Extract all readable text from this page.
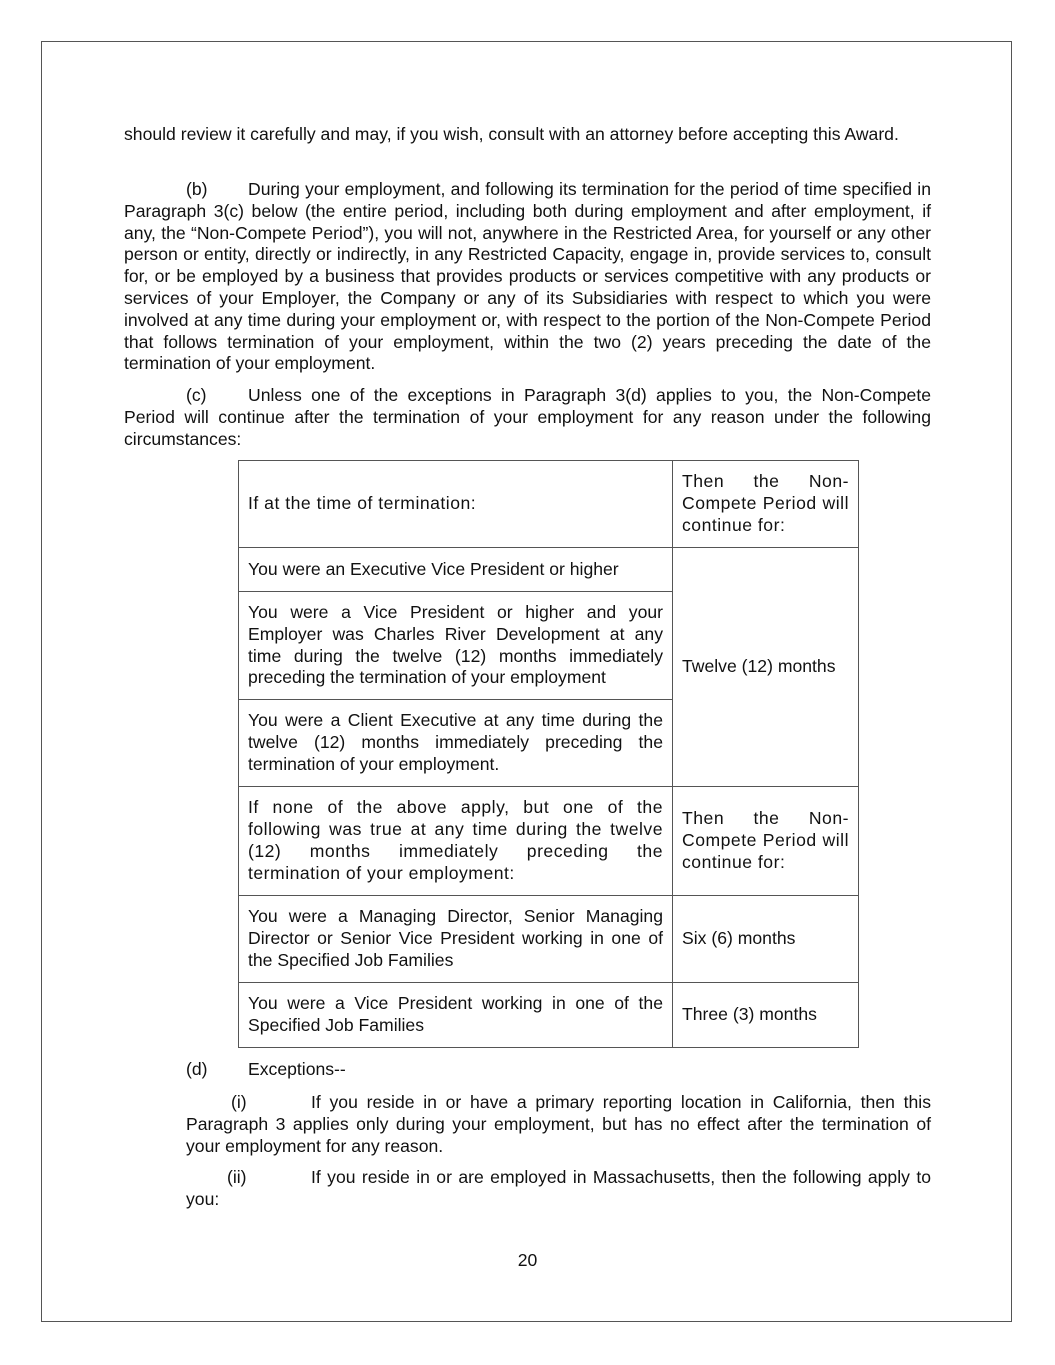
should review it carefully and may, if you wish, consult with an attorney before accepting this Award.

(b) During your employment, and following its termination for the period of time specified in Paragraph 3(c) below (the entire period, including both during employment and after employment, if any, the “Non-Compete Period”), you will not, anywhere in the Restricted Area, for yourself or any other person or entity, directly or indirectly, in any Restricted Capacity, engage in, provide services to, consult for, or be employed by a business that provides products or services competitive with any products or services of your Employer, the Company or any of its Subsidiaries with respect to which you were involved at any time during your employment or, with respect to the portion of the Non-Compete Period that follows termination of your employment, within the two (2) years preceding the date of the termination of your employment.

(c) Unless one of the exceptions in Paragraph 3(d) applies to you, the Non-Compete Period will continue after the termination of your employment for any reason under the following circumstances:

If at the time of termination:	Then the Non-Compete Period will continue for:
You were an Executive Vice President or higher	Twelve (12) months
You were a Vice President or higher and your Employer was Charles River Development at any time during the twelve (12) months immediately preceding the termination of your employment	
You were a Client Executive at any time during the twelve (12) months immediately preceding the termination of your employment.	
If none of the above apply, but one of the following was true at any time during the twelve (12) months immediately preceding the termination of your employment:	Then the Non-Compete Period will continue for:
You were a Managing Director, Senior Managing Director or Senior Vice President working in one of the Specified Job Families	Six (6) months
You were a Vice President working in one of the Specified Job Families	Three (3) months

(d) Exceptions--

(i)	If you reside in or have a primary reporting location in California, then this Paragraph 3 applies only during your employment, but has no effect after the termination of your employment for any reason.

(ii)	If you reside in or are employed in Massachusetts, then the following apply to you:

20
